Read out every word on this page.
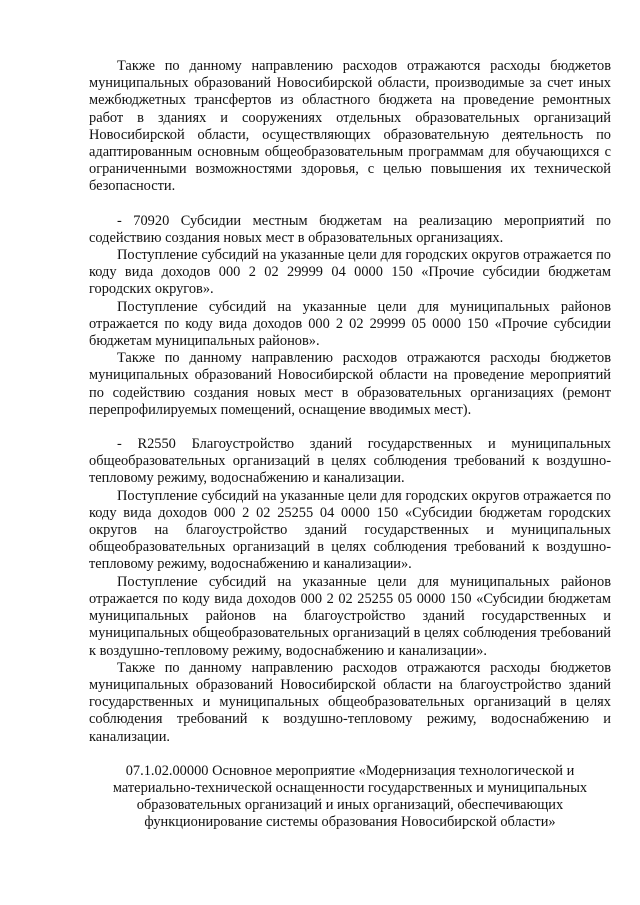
Также по данному направлению расходов отражаются расходы бюджетов муниципальных образований Новосибирской области, производимые за счет иных межбюджетных трансфертов из областного бюджета на проведение ремонтных работ в зданиях и сооружениях отдельных образовательных организаций Новосибирской области, осуществляющих образовательную деятельность по адаптированным основным общеобразовательным программам для обучающихся с ограниченными возможностями здоровья, с целью повышения их технической безопасности.

- 70920 Субсидии местным бюджетам на реализацию мероприятий по содействию создания новых мест в образовательных организациях.

Поступление субсидий на указанные цели для городских округов отражается по коду вида доходов 000 2 02 29999 04 0000 150 «Прочие субсидии бюджетам городских округов».

Поступление субсидий на указанные цели для муниципальных районов отражается по коду вида доходов 000 2 02 29999 05 0000 150 «Прочие субсидии бюджетам муниципальных районов».

Также по данному направлению расходов отражаются расходы бюджетов муниципальных образований Новосибирской области на проведение мероприятий по содействию создания новых мест в образовательных организациях (ремонт перепрофилируемых помещений, оснащение вводимых мест).

- R2550 Благоустройство зданий государственных и муниципальных общеобразовательных организаций в целях соблюдения требований к воздушно-тепловому режиму, водоснабжению и канализации.

Поступление субсидий на указанные цели для городских округов отражается по коду вида доходов 000 2 02 25255 04 0000 150 «Субсидии бюджетам городских округов на благоустройство зданий государственных и муниципальных общеобразовательных организаций в целях соблюдения требований к воздушно-тепловому режиму, водоснабжению и канализации».

Поступление субсидий на указанные цели для муниципальных районов отражается по коду вида доходов 000 2 02 25255 05 0000 150 «Субсидии бюджетам муниципальных районов на благоустройство зданий государственных и муниципальных общеобразовательных организаций в целях соблюдения требований к воздушно-тепловому режиму, водоснабжению и канализации».

Также по данному направлению расходов отражаются расходы бюджетов муниципальных образований Новосибирской области на благоустройство зданий государственных и муниципальных общеобразовательных организаций в целях соблюдения требований к воздушно-тепловому режиму, водоснабжению и канализации.

07.1.02.00000 Основное мероприятие «Модернизация технологической и материально-технической оснащенности государственных и муниципальных образовательных организаций и иных организаций, обеспечивающих функционирование системы образования Новосибирской области»
